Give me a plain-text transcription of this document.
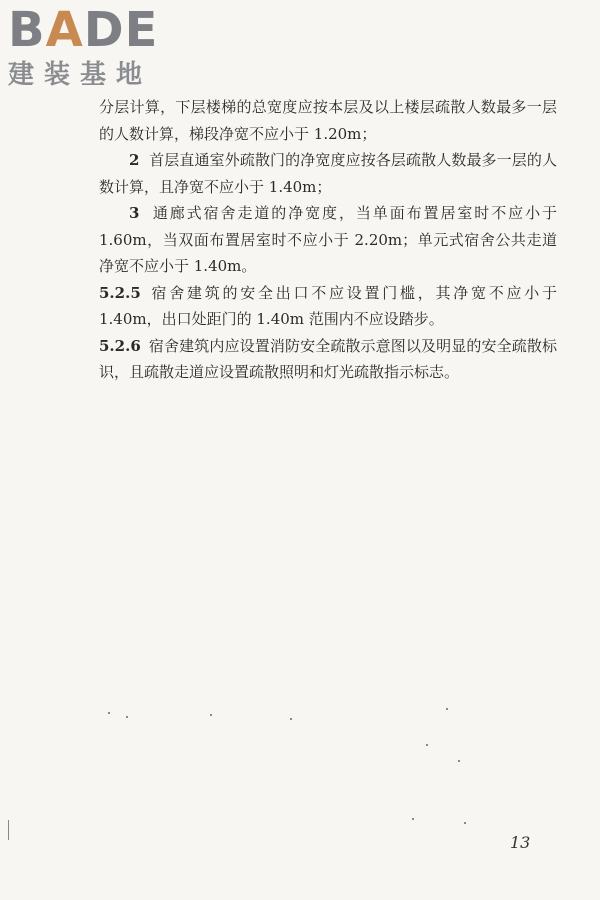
BADE
建装基地

分层计算，下层楼梯的总宽度应按本层及以上楼层疏散人数最多一层的人数计算，梯段净宽不应小于 1.20m；

2 首层直通室外疏散门的净宽度应按各层疏散人数最多一层的人数计算，且净宽不应小于 1.40m；

3 通廊式宿舍走道的净宽度，当单面布置居室时不应小于 1.60m，当双面布置居室时不应小于 2.20m；单元式宿舍公共走道净宽不应小于 1.40m。

5.2.5 宿舍建筑的安全出口不应设置门槛，其净宽不应小于 1.40m，出口处距门的 1.40m 范围内不应设踏步。

5.2.6 宿舍建筑内应设置消防安全疏散示意图以及明显的安全疏散标识，且疏散走道应设置疏散照明和灯光疏散指示标志。

13
